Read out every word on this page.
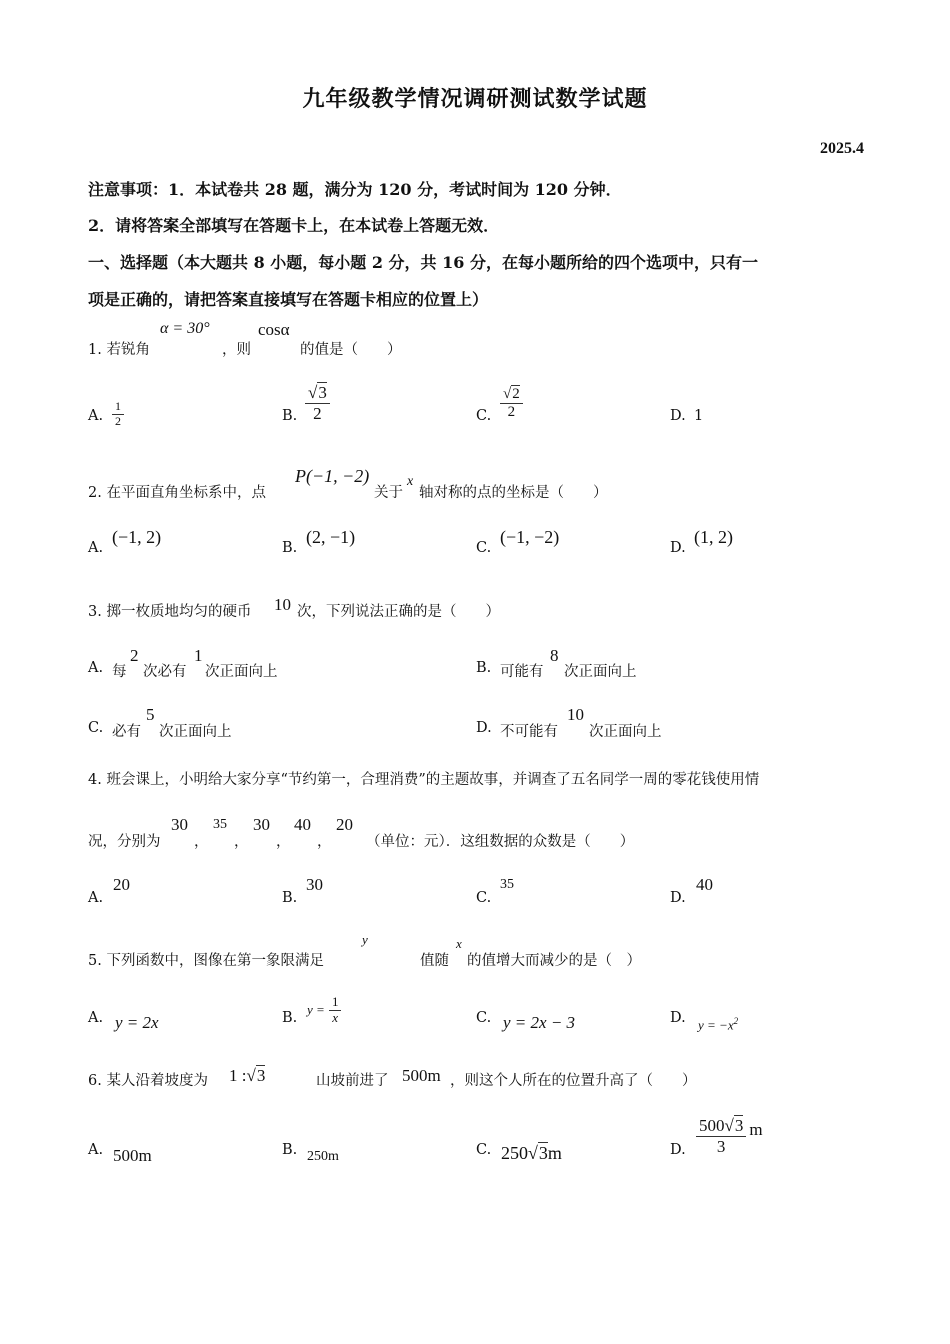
九年级教学情况调研测试数学试题
2025.4
注意事项：1．本试卷共 28 题，满分为 120 分，考试时间为 120 分钟．
2．请将答案全部填写在答题卡上，在本试卷上答题无效．
一、选择题（本大题共 8 小题，每小题 2 分，共 16 分，在每小题所给的四个选项中，只有一
项是正确的，请把答案直接填写在答题卡相应的位置上）
1. 若锐角
α = 30°
，则
cosα
的值是（　　）
A. $\frac{1}{2}$	B. $\frac{√3}{2}$	C. $\frac{√2}{2}$	D. 1
2. 在平面直角坐标系中，点
P(−1, −2)
关于
x
轴对称的点的坐标是（　　）
A.
(−1, 2)
B.
(2, −1)
C.
(−1, −2)
D.
(1, 2)
3. 掷一枚质地均匀的硬币 10 次，下列说法正确的是（　　）
A. 每
2
次必有
1
次正面向上	B. 可能有
8
次正面向上
C. 必有
5
次正面向上	D. 不可能有
10
次正面向上
4. 班会课上，小明给大家分享“节约第一，合理消费”的主题故事，并调查了五名同学一周的零花钱使用情
况，分别为
30
，
35
，
30
，
40
，
20
（单位：元）．这组数据的众数是（　　）
A.
20
B.
30
C.
35
D.
40
5. 下列函数中，图像在第一象限满足
y
值随
x
的值增大而减少的是（　）
A. y = 2x	B.
$y = \frac{1}{x}$	C. y = 2x − 3	D. $y = -x^2$
6. 某人沿着坡度为 1 :√3	山坡前进了 500m ，则这个人所在的位置升高了（　　）
A. 500m	B. 250m	C. 250√3m	D. $\frac{500√3}{3}$ m
